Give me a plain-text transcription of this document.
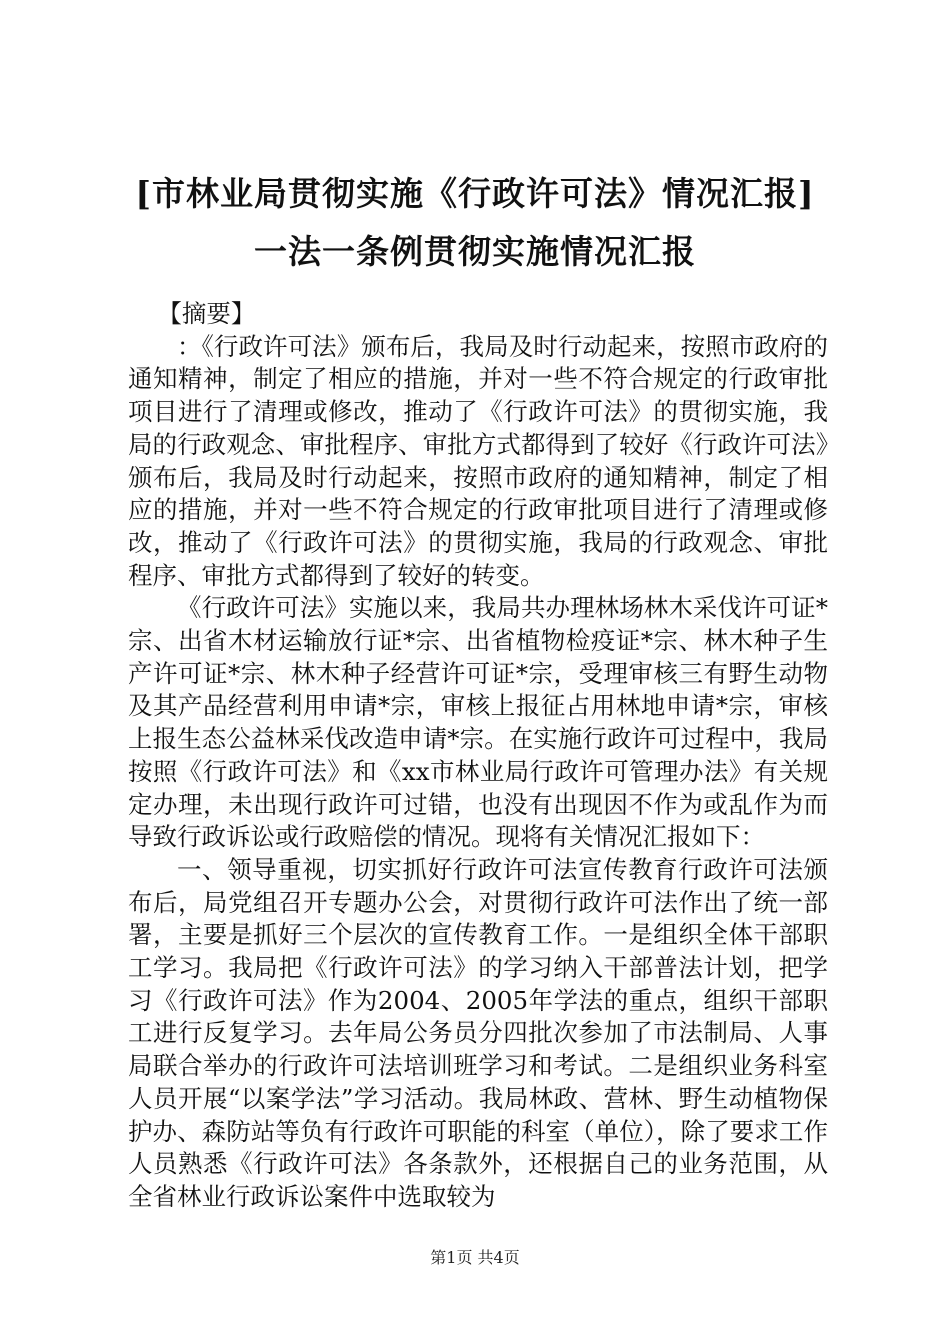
[市林业局贯彻实施《行政许可法》情况汇报]
一法一条例贯彻实施情况汇报

【摘要】

：《行政许可法》颁布后，我局及时行动起来，按照市政府的通知精神，制定了相应的措施，并对一些不符合规定的行政审批项目进行了清理或修改，推动了《行政许可法》的贯彻实施，我局的行政观念、审批程序、审批方式都得到了较好《行政许可法》颁布后，我局及时行动起来，按照市政府的通知精神，制定了相应的措施，并对一些不符合规定的行政审批项目进行了清理或修改，推动了《行政许可法》的贯彻实施，我局的行政观念、审批程序、审批方式都得到了较好的转变。

《行政许可法》实施以来，我局共办理林场林木采伐许可证*宗、出省木材运输放行证*宗、出省植物检疫证*宗、林木种子生产许可证*宗、林木种子经营许可证*宗，受理审核三有野生动物及其产品经营利用申请*宗，审核上报征占用林地申请*宗，审核上报生态公益林采伐改造申请*宗。在实施行政许可过程中，我局按照《行政许可法》和《xx市林业局行政许可管理办法》有关规定办理，未出现行政许可过错，也没有出现因不作为或乱作为而导致行政诉讼或行政赔偿的情况。现将有关情况汇报如下：

一、领导重视，切实抓好行政许可法宣传教育行政许可法颁布后，局党组召开专题办公会，对贯彻行政许可法作出了统一部署，主要是抓好三个层次的宣传教育工作。一是组织全体干部职工学习。我局把《行政许可法》的学习纳入干部普法计划，把学习《行政许可法》作为2004、2005年学法的重点，组织干部职工进行反复学习。去年局公务员分四批次参加了市法制局、人事局联合举办的行政许可法培训班学习和考试。二是组织业务科室人员开展“以案学法”学习活动。我局林政、营林、野生动植物保护办、森防站等负有行政许可职能的科室（单位），除了要求工作人员熟悉《行政许可法》各条款外，还根据自己的业务范围，从全省林业行政诉讼案件中选取较为

第1页 共4页
